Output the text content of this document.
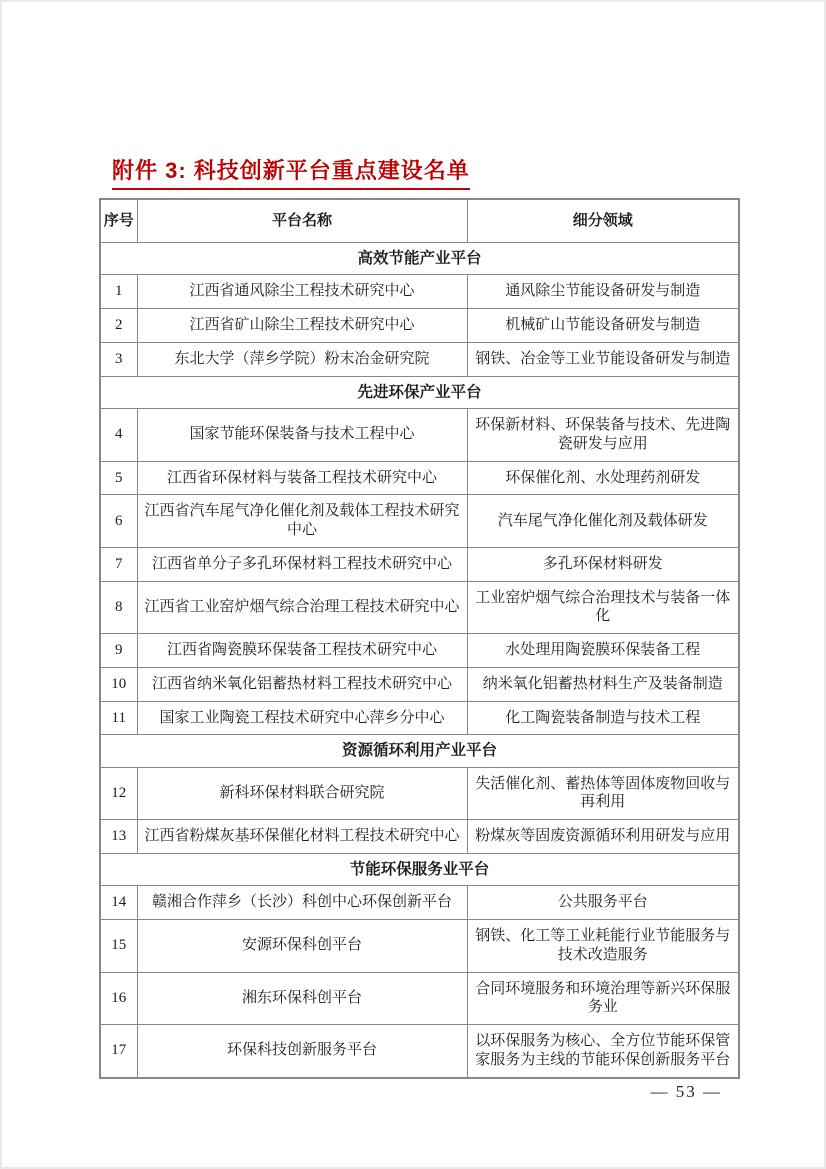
附件 3: 科技创新平台重点建设名单
序号	平台名称	细分领域
高效节能产业平台		
1	江西省通风除尘工程技术研究中心	通风除尘节能设备研发与制造
2	江西省矿山除尘工程技术研究中心	机械矿山节能设备研发与制造
3	东北大学（萍乡学院）粉末冶金研究院	钢铁、冶金等工业节能设备研发与制造
先进环保产业平台		
4	国家节能环保装备与技术工程中心	环保新材料、环保装备与技术、先进陶瓷研发与应用
5	江西省环保材料与装备工程技术研究中心	环保催化剂、水处理药剂研发
6	江西省汽车尾气净化催化剂及载体工程技术研究中心	汽车尾气净化催化剂及载体研发
7	江西省单分子多孔环保材料工程技术研究中心	多孔环保材料研发
8	江西省工业窑炉烟气综合治理工程技术研究中心	工业窑炉烟气综合治理技术与装备一体化
9	江西省陶瓷膜环保装备工程技术研究中心	水处理用陶瓷膜环保装备工程
10	江西省纳米氧化铝蓄热材料工程技术研究中心	纳米氧化铝蓄热材料生产及装备制造
11	国家工业陶瓷工程技术研究中心萍乡分中心	化工陶瓷装备制造与技术工程
资源循环利用产业平台		
12	新科环保材料联合研究院	失活催化剂、蓄热体等固体废物回收与再利用
13	江西省粉煤灰基环保催化材料工程技术研究中心	粉煤灰等固废资源循环利用研发与应用
节能环保服务业平台		
14	赣湘合作萍乡（长沙）科创中心环保创新平台	公共服务平台
15	安源环保科创平台	钢铁、化工等工业耗能行业节能服务与技术改造服务
16	湘东环保科创平台	合同环境服务和环境治理等新兴环保服务业
17	环保科技创新服务平台	以环保服务为核心、全方位节能环保管家服务为主线的节能环保创新服务平台
— 53 —
